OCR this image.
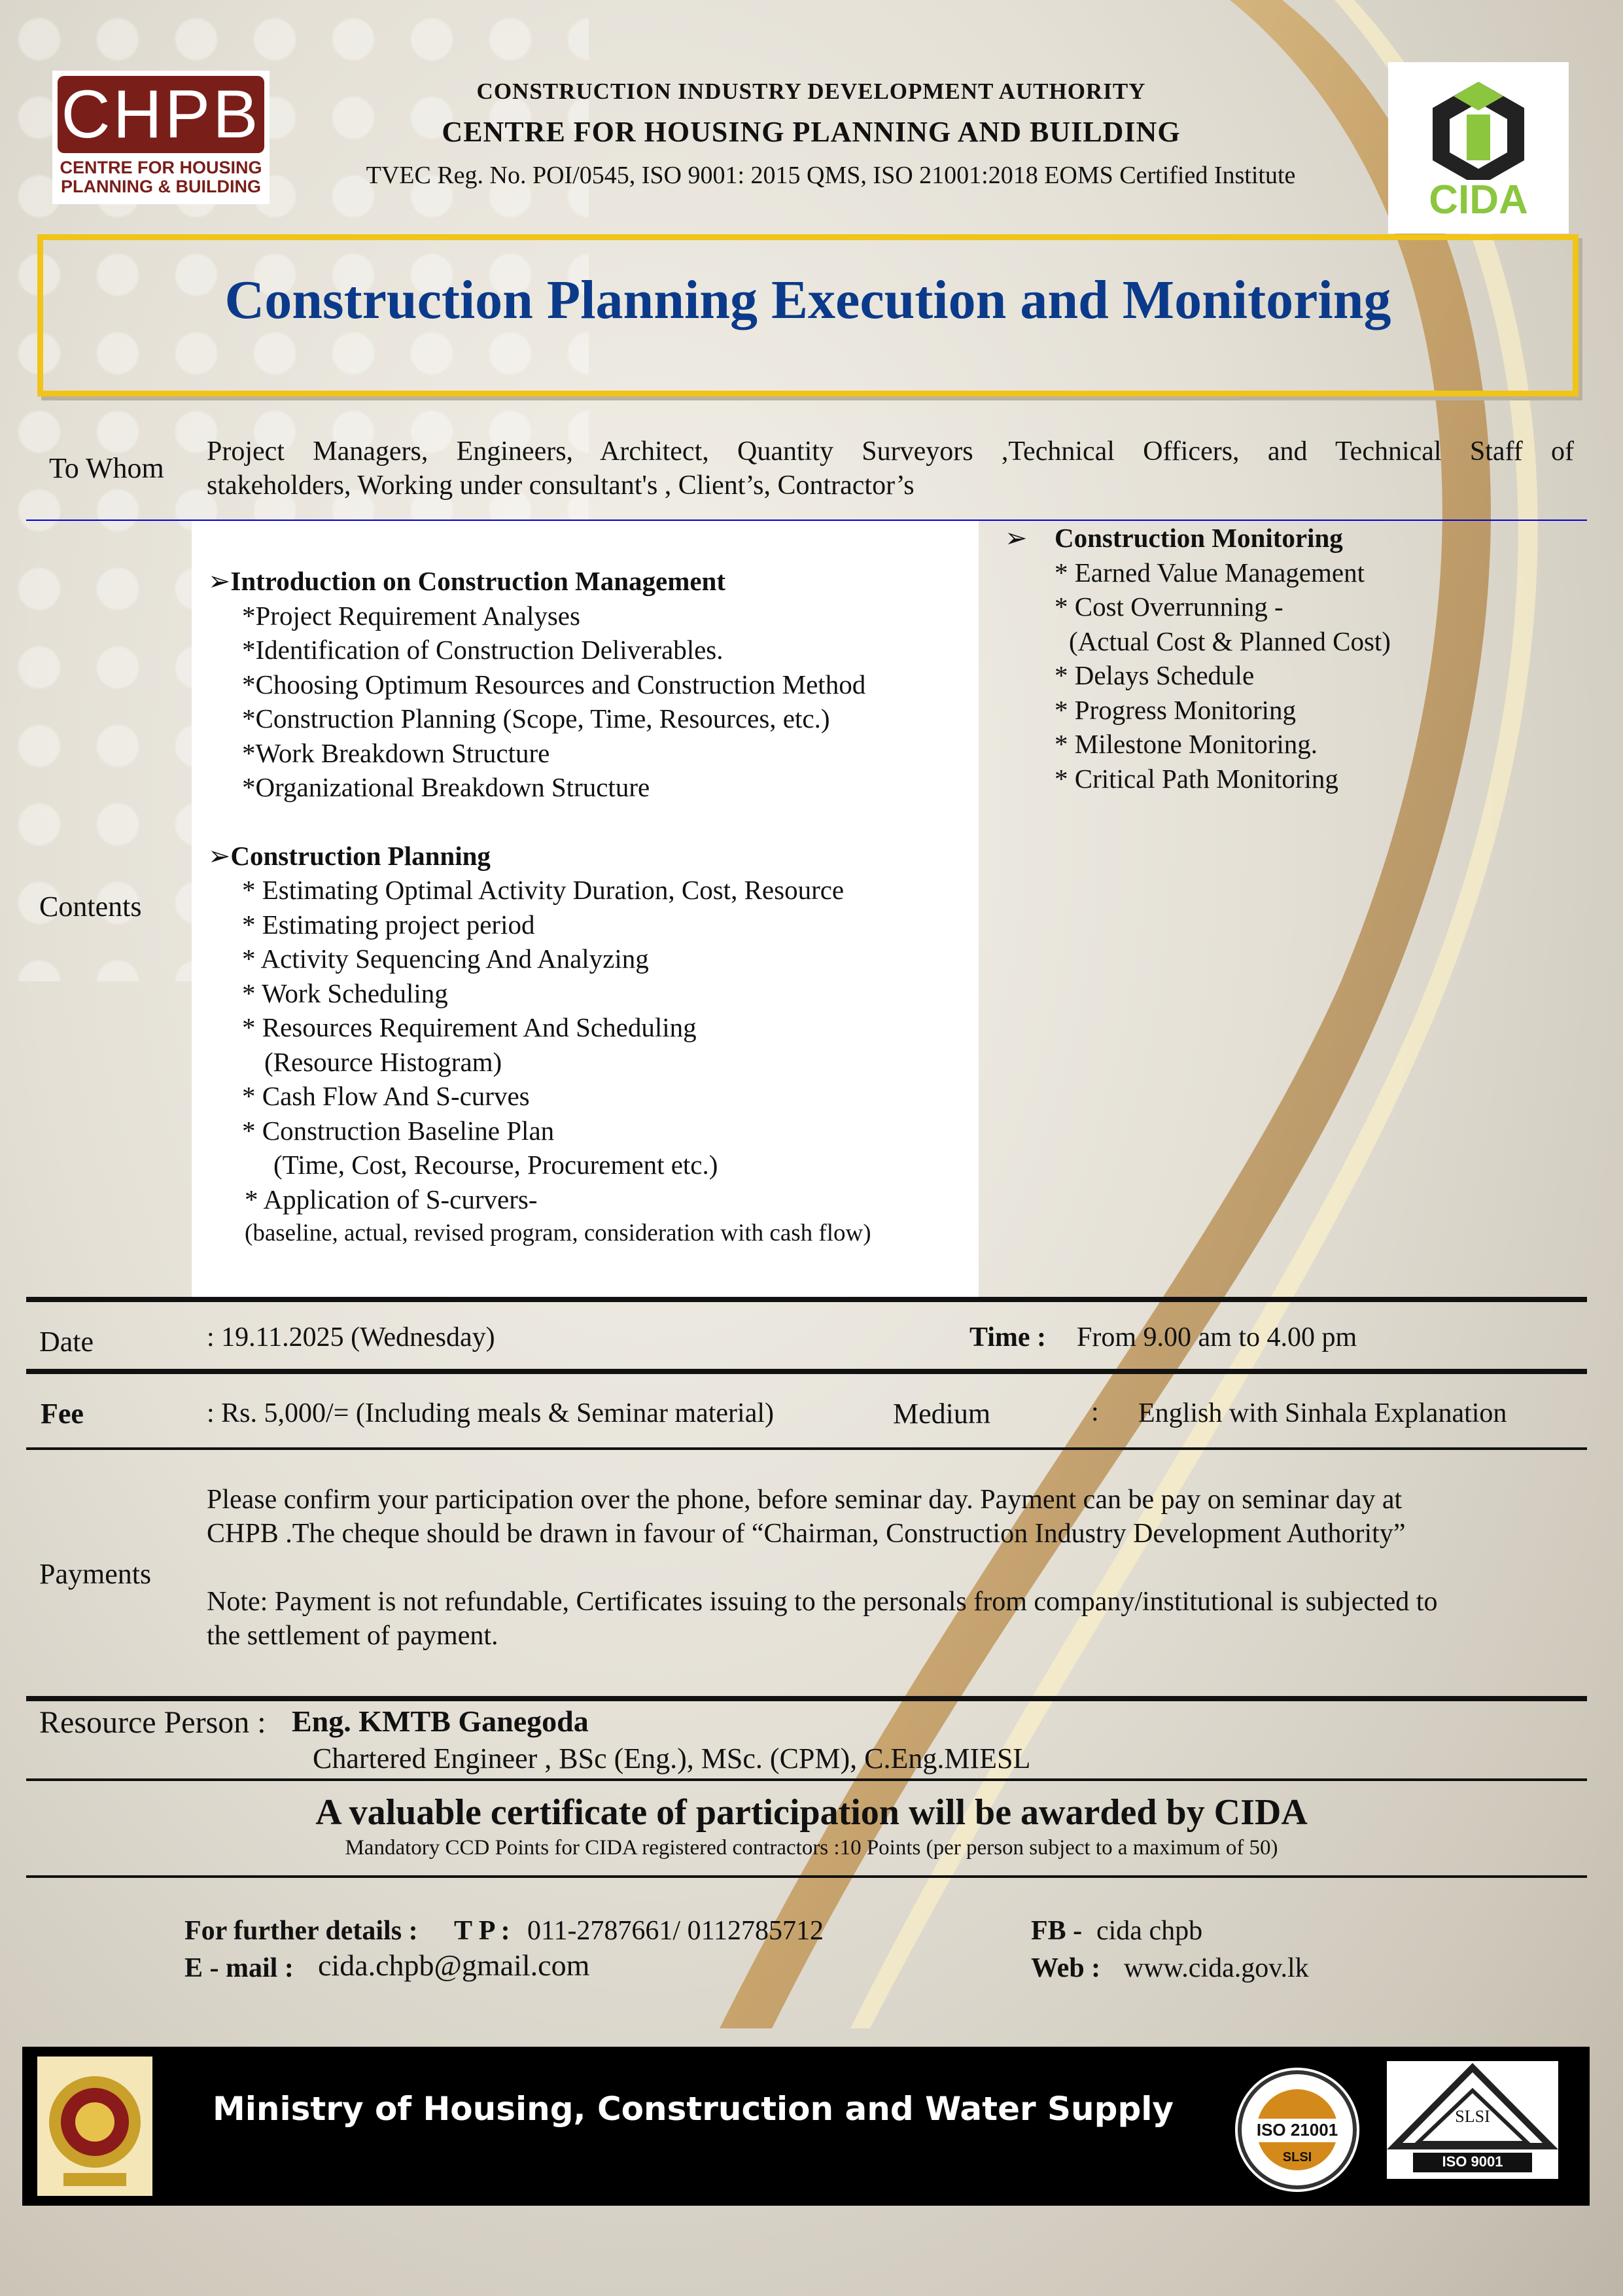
CHPB
CENTRE FOR HOUSING
PLANNING & BUILDING
CONSTRUCTION INDUSTRY DEVELOPMENT AUTHORITY
CENTRE FOR HOUSING PLANNING AND BUILDING
TVEC Reg. No. POI/0545, ISO 9001: 2015 QMS, ISO 21001:2018 EOMS Certified Institute
CIDA
Construction Planning Execution and Monitoring
To Whom
Project Managers, Engineers, Architect, Quantity Surveyors ,Technical Officers, and Technical Staff of
stakeholders, Working under consultant's , Client’s, Contractor’s
Contents
➢Introduction on Construction Management
*Project Requirement Analyses
*Identification of Construction Deliverables.
*Choosing Optimum Resources and Construction Method
*Construction Planning (Scope, Time, Resources, etc.)
*Work Breakdown Structure
*Organizational Breakdown Structure
➢Construction Planning
* Estimating Optimal Activity Duration, Cost, Resource
* Estimating project period
* Activity Sequencing And Analyzing
* Work Scheduling
* Resources Requirement And Scheduling
(Resource Histogram)
* Cash Flow And S-curves
* Construction Baseline Plan
(Time, Cost, Recourse, Procurement etc.)
* Application of S-curvers-
(baseline, actual, revised program, consideration with cash flow)
➢ Construction Monitoring
* Earned Value Management
* Cost Overrunning -
(Actual Cost & Planned Cost)
* Delays Schedule
* Progress Monitoring
* Milestone Monitoring.
* Critical Path Monitoring
Date	: 19.11.2025 (Wednesday)	Time : From 9.00 am to 4.00 pm
Fee	: Rs. 5,000/= (Including meals & Seminar material)	Medium	: English with Sinhala Explanation
Payments
Please confirm your participation over the phone, before seminar day. Payment can be pay on seminar day at
CHPB .The cheque should be drawn in favour of “Chairman, Construction Industry Development Authority”
Note: Payment is not refundable, Certificates issuing to the personals from company/institutional is subjected to
the settlement of payment.
Resource Person : Eng. KMTB Ganegoda
Chartered Engineer , BSc (Eng.), MSc. (CPM), C.Eng.MIESL
A valuable certificate of participation will be awarded by CIDA
Mandatory CCD Points for CIDA registered contractors :10 Points (per person subject to a maximum of 50)
For further details : T P : 011-2787661/ 0112785712
E - mail : cida.chpb@gmail.com
FB - cida chpb
Web : www.cida.gov.lk
Ministry of Housing, Construction and Water Supply
ISO 21001
SLSI
SLSI
ISO 9001
